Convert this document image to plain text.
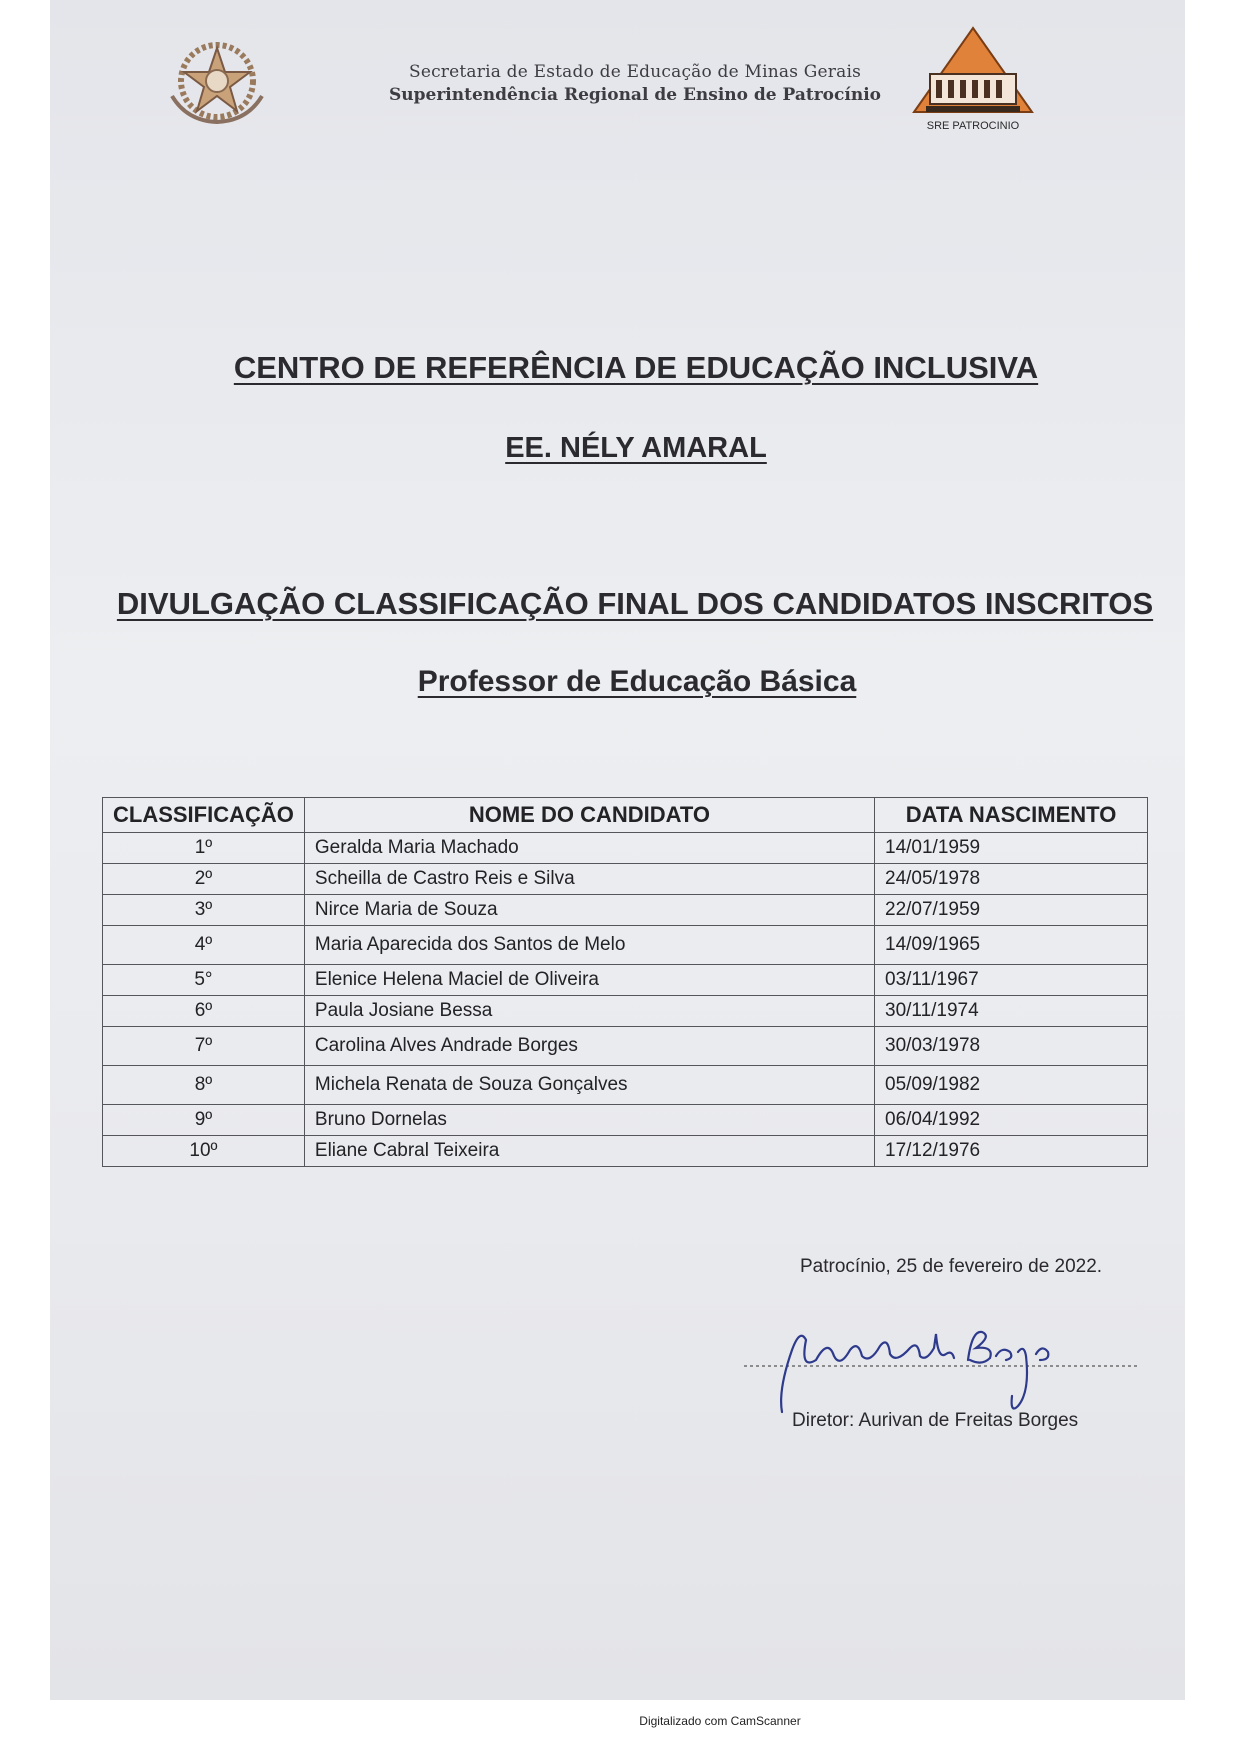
Secretaria de Estado de Educação de Minas Gerais
Superintendência Regional de Ensino de Patrocínio
SRE PATROCINIO
CENTRO DE REFERÊNCIA DE EDUCAÇÃO INCLUSIVA
EE. NÉLY AMARAL
DIVULGAÇÃO CLASSIFICAÇÃO FINAL DOS CANDIDATOS INSCRITOS
Professor de Educação Básica
CLASSIFICAÇÃO	NOME DO CANDIDATO	DATA NASCIMENTO
1º	Geralda Maria Machado	14/01/1959
2º	Scheilla de Castro Reis e Silva	24/05/1978
3º	Nirce Maria de Souza	22/07/1959
4º	Maria Aparecida dos Santos de Melo	14/09/1965
5°	Elenice Helena Maciel de Oliveira	03/11/1967
6º	Paula Josiane Bessa	30/11/1974
7º	Carolina Alves Andrade Borges	30/03/1978
8º	Michela Renata de Souza Gonçalves	05/09/1982
9º	Bruno Dornelas	06/04/1992
10º	Eliane Cabral Teixeira	17/12/1976
Patrocínio, 25 de fevereiro de 2022.
Diretor: Aurivan de Freitas Borges
Digitalizado com CamScanner
